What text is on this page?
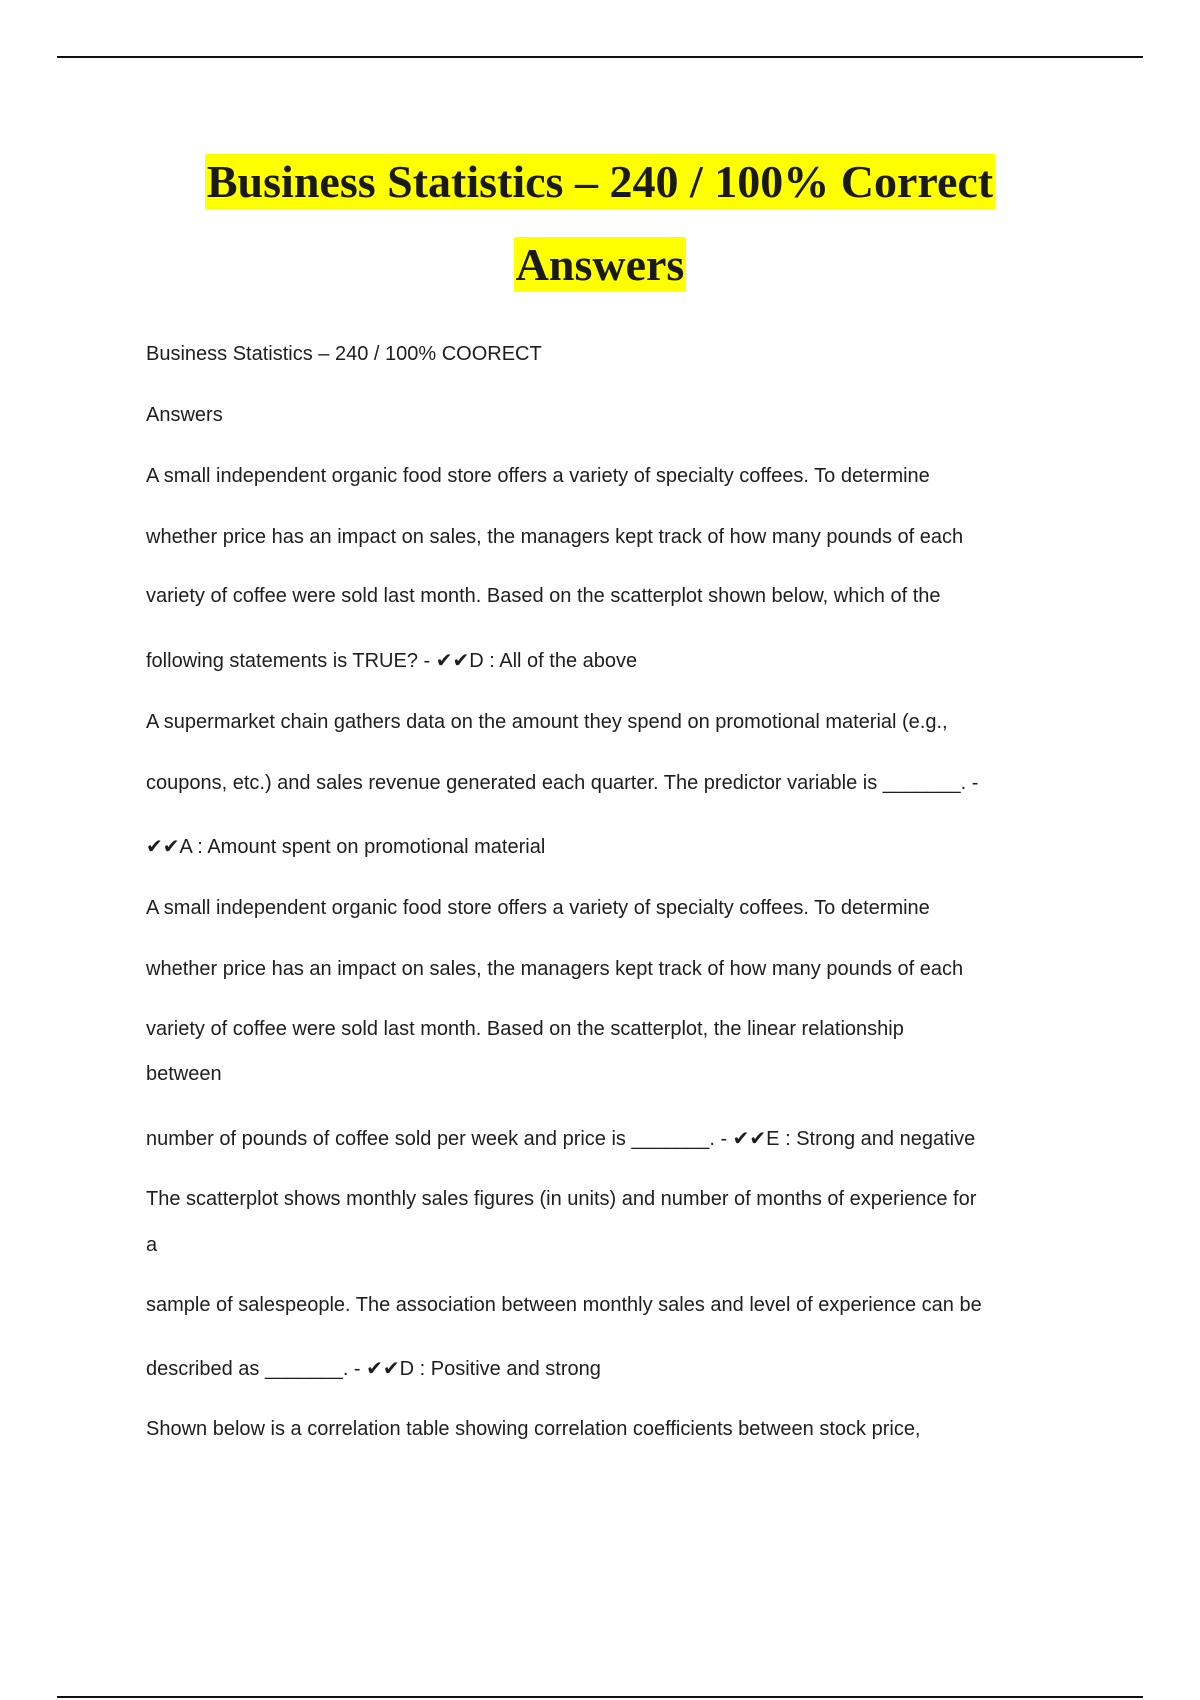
Business Statistics – 240 / 100% Correct
Answers
Business Statistics – 240 / 100% COORECT
Answers
A small independent organic food store offers a variety of specialty coffees. To determine
whether price has an impact on sales, the managers kept track of how many pounds of each
variety of coffee were sold last month. Based on the scatterplot shown below, which of the
following statements is TRUE? - ✔✔D : All of the above
A supermarket chain gathers data on the amount they spend on promotional material (e.g.,
coupons, etc.) and sales revenue generated each quarter. The predictor variable is _______. -
✔✔A : Amount spent on promotional material
A small independent organic food store offers a variety of specialty coffees. To determine
whether price has an impact on sales, the managers kept track of how many pounds of each
variety of coffee were sold last month. Based on the scatterplot, the linear relationship
between
number of pounds of coffee sold per week and price is _______. - ✔✔E : Strong and negative
The scatterplot shows monthly sales figures (in units) and number of months of experience for
a
sample of salespeople. The association between monthly sales and level of experience can be
described as _______. - ✔✔D : Positive and strong
Shown below is a correlation table showing correlation coefficients between stock price,
